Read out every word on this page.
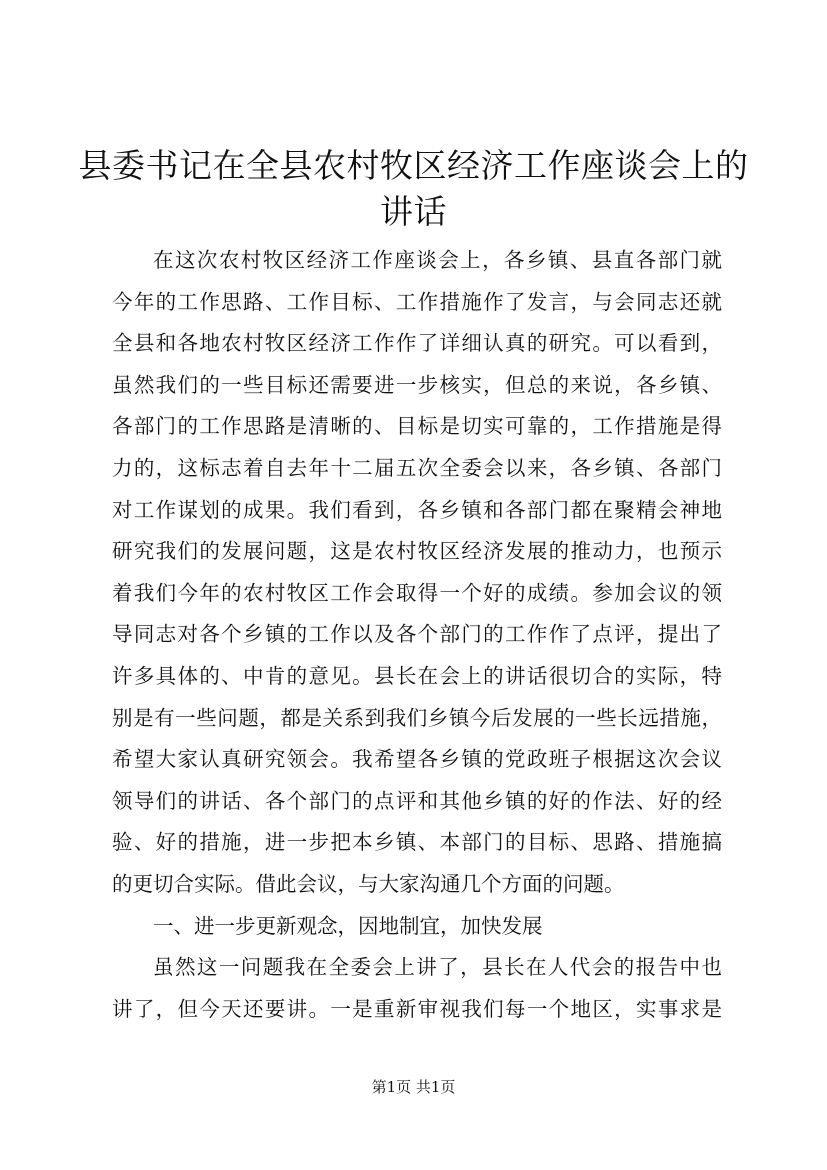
县委书记在全县农村牧区经济工作座谈会上的
讲话
在这次农村牧区经济工作座谈会上，各乡镇、县直各部门就
今年的工作思路、工作目标、工作措施作了发言，与会同志还就
全县和各地农村牧区经济工作作了详细认真的研究。可以看到，
虽然我们的一些目标还需要进一步核实，但总的来说，各乡镇、
各部门的工作思路是清晰的、目标是切实可靠的，工作措施是得
力的，这标志着自去年十二届五次全委会以来，各乡镇、各部门
对工作谋划的成果。我们看到，各乡镇和各部门都在聚精会神地
研究我们的发展问题，这是农村牧区经济发展的推动力，也预示
着我们今年的农村牧区工作会取得一个好的成绩。参加会议的领
导同志对各个乡镇的工作以及各个部门的工作作了点评，提出了
许多具体的、中肯的意见。县长在会上的讲话很切合的实际，特
别是有一些问题，都是关系到我们乡镇今后发展的一些长远措施，
希望大家认真研究领会。我希望各乡镇的党政班子根据这次会议
领导们的讲话、各个部门的点评和其他乡镇的好的作法、好的经
验、好的措施，进一步把本乡镇、本部门的目标、思路、措施搞
的更切合实际。借此会议，与大家沟通几个方面的问题。
一、进一步更新观念，因地制宜，加快发展
虽然这一问题我在全委会上讲了，县长在人代会的报告中也
讲了，但今天还要讲。一是重新审视我们每一个地区，实事求是
第1页 共1页
